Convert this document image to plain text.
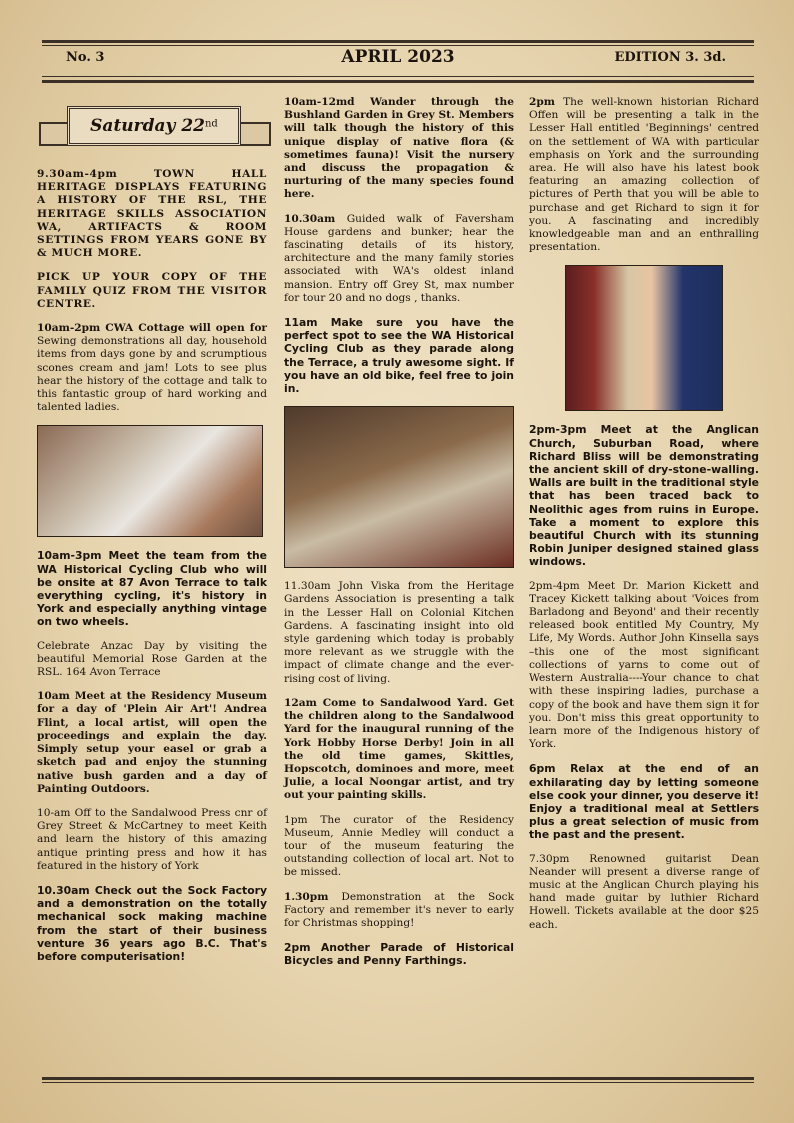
No. 3	APRIL 2023	EDITION 3. 3d.
Saturday 22nd

9.30am-4pm TOWN HALL HERITAGE DISPLAYS FEATURING A HISTORY OF THE RSL, THE HERITAGE SKILLS ASSOCIATION WA, ARTIFACTS & ROOM SETTINGS FROM YEARS GONE BY & MUCH MORE.

PICK UP YOUR COPY OF THE FAMILY QUIZ FROM THE VISITOR CENTRE.

10am-2pm CWA Cottage will open for Sewing demonstrations all day, household items from days gone by and scrumptious scones cream and jam! Lots to see plus hear the history of the cottage and talk to this fantastic group of hard working and talented ladies.

10am-3pm Meet the team from the WA Historical Cycling Club who will be onsite at 87 Avon Terrace to talk everything cycling, it's history in York and especially anything vintage on two wheels.

Celebrate Anzac Day by visiting the beautiful Memorial Rose Garden at the RSL. 164 Avon Terrace

10am Meet at the Residency Museum for a day of 'Plein Air Art'! Andrea Flint, a local artist, will open the proceedings and explain the day. Simply setup your easel or grab a sketch pad and enjoy the stunning native bush garden and a day of Painting Outdoors.

10-am Off to the Sandalwood Press cnr of Grey Street & McCartney to meet Keith and learn the history of this amazing antique printing press and how it has featured in the history of York

10.30am Check out the Sock Factory and a demonstration on the totally mechanical sock making machine from the start of their business venture 36 years ago B.C. That's before computerisation!

10am-12md Wander through the Bushland Garden in Grey St. Members will talk though the history of this unique display of native flora (& sometimes fauna)! Visit the nursery and discuss the propagation & nurturing of the many species found here.

10.30am Guided walk of Faversham House gardens and bunker; hear the fascinating details of its history, architecture and the many family stories associated with WA's oldest inland mansion. Entry off Grey St, max number for tour 20 and no dogs , thanks.

11am Make sure you have the perfect spot to see the WA Historical Cycling Club as they parade along the Terrace, a truly awesome sight. If you have an old bike, feel free to join in.

11.30am John Viska from the Heritage Gardens Association is presenting a talk in the Lesser Hall on Colonial Kitchen Gardens. A fascinating insight into old style gardening which today is probably more relevant as we struggle with the impact of climate change and the ever-rising cost of living.

12am Come to Sandalwood Yard. Get the children along to the Sandalwood Yard for the inaugural running of the York Hobby Horse Derby! Join in all the old time games, Skittles, Hopscotch, dominoes and more, meet Julie, a local Noongar artist, and try out your painting skills.

1pm The curator of the Residency Museum, Annie Medley will conduct a tour of the museum featuring the outstanding collection of local art. Not to be missed.

1.30pm Demonstration at the Sock Factory and remember it's never to early for Christmas shopping!

2pm Another Parade of Historical Bicycles and Penny Farthings.

2pm The well-known historian Richard Offen will be presenting a talk in the Lesser Hall entitled 'Beginnings' centred on the settlement of WA with particular emphasis on York and the surrounding area. He will also have his latest book featuring an amazing collection of pictures of Perth that you will be able to purchase and get Richard to sign it for you. A fascinating and incredibly knowledgeable man and an enthralling presentation.

2pm-3pm Meet at the Anglican Church, Suburban Road, where Richard Bliss will be demonstrating the ancient skill of dry-stone-walling. Walls are built in the traditional style that has been traced back to Neolithic ages from ruins in Europe. Take a moment to explore this beautiful Church with its stunning Robin Juniper designed stained glass windows.

2pm-4pm Meet Dr. Marion Kickett and Tracey Kickett talking about 'Voices from Barladong and Beyond' and their recently released book entitled My Country, My Life, My Words. Author John Kinsella says –this one of the most significant collections of yarns to come out of Western Australia----Your chance to chat with these inspiring ladies, purchase a copy of the book and have them sign it for you. Don't miss this great opportunity to learn more of the Indigenous history of York.

6pm Relax at the end of an exhilarating day by letting someone else cook your dinner, you deserve it! Enjoy a traditional meal at Settlers plus a great selection of music from the past and the present.

7.30pm Renowned guitarist Dean Neander will present a diverse range of music at the Anglican Church playing his hand made guitar by luthier Richard Howell. Tickets available at the door $25 each.
